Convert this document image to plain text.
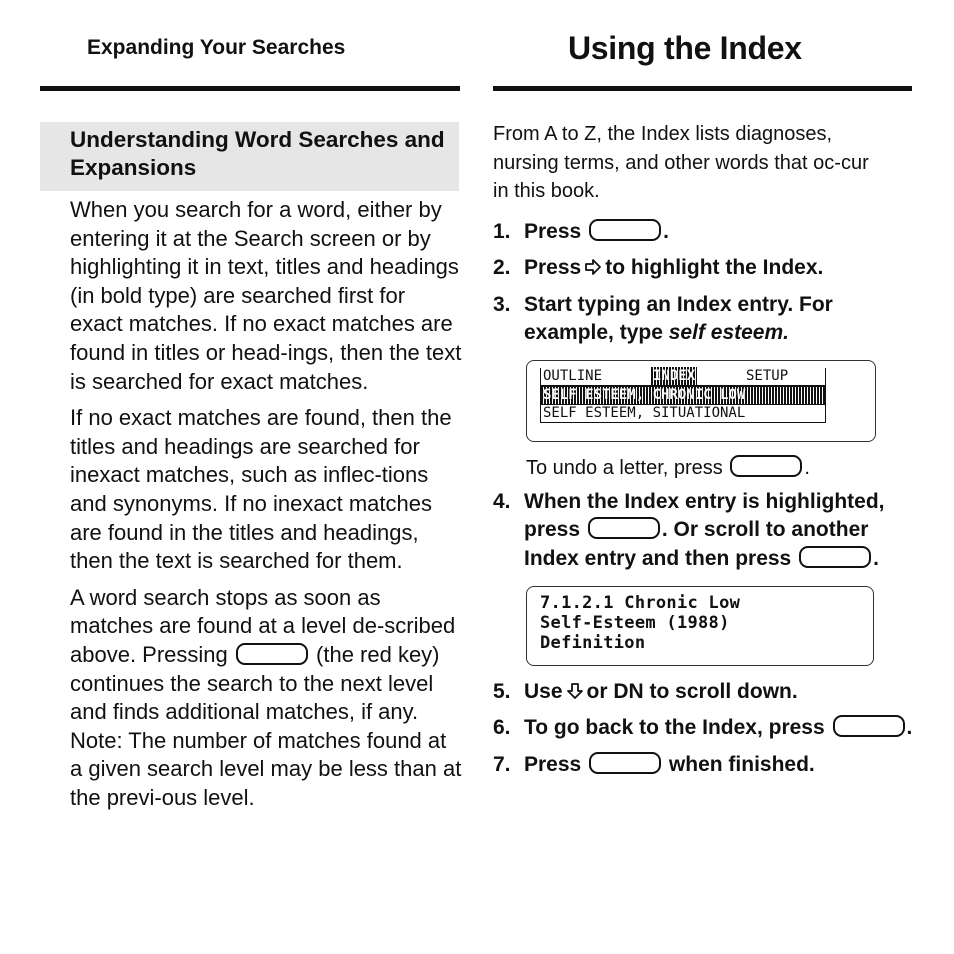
Expanding Your Searches	Using the Index
Understanding Word Searches and Expansions

When you search for a word, either by entering it at the Search screen or by highlighting it in text, titles and headings (in bold type) are searched first for exact matches. If no exact matches are found in titles or head-ings, then the text is searched for exact matches.

If no exact matches are found, then the titles and headings are searched for inexact matches, such as inflec-tions and synonyms. If no inexact matches are found in the titles and headings, then the text is searched for them.

A word search stops as soon as matches are found at a level de-scribed above. Pressing	(the red key) continues the search to the next level and finds additional matches, if any. Note: The number of matches found at a given search level may be less than at the previ-ous level.

From A to Z, the Index lists diagnoses, nursing terms, and other words that oc-cur in this book.

1. Press	.
2. Press to highlight the Index.
3. Start typing an Index entry. For example, type self esteem.

OUTLINE

	INDEX

	SETUP

SELF ESTEEM, CHRONIC LOW

SELF ESTEEM, SITUATIONAL

To undo a letter, press	.
4. When the Index entry is highlighted, press	. Or scroll to another Index entry and then press	.
7.1.2.1 Chronic Low
Self-Esteem (1988)
Definition
5. Use or DN to scroll down.
6. To go back to the Index, press	.
7. Press	when finished.
